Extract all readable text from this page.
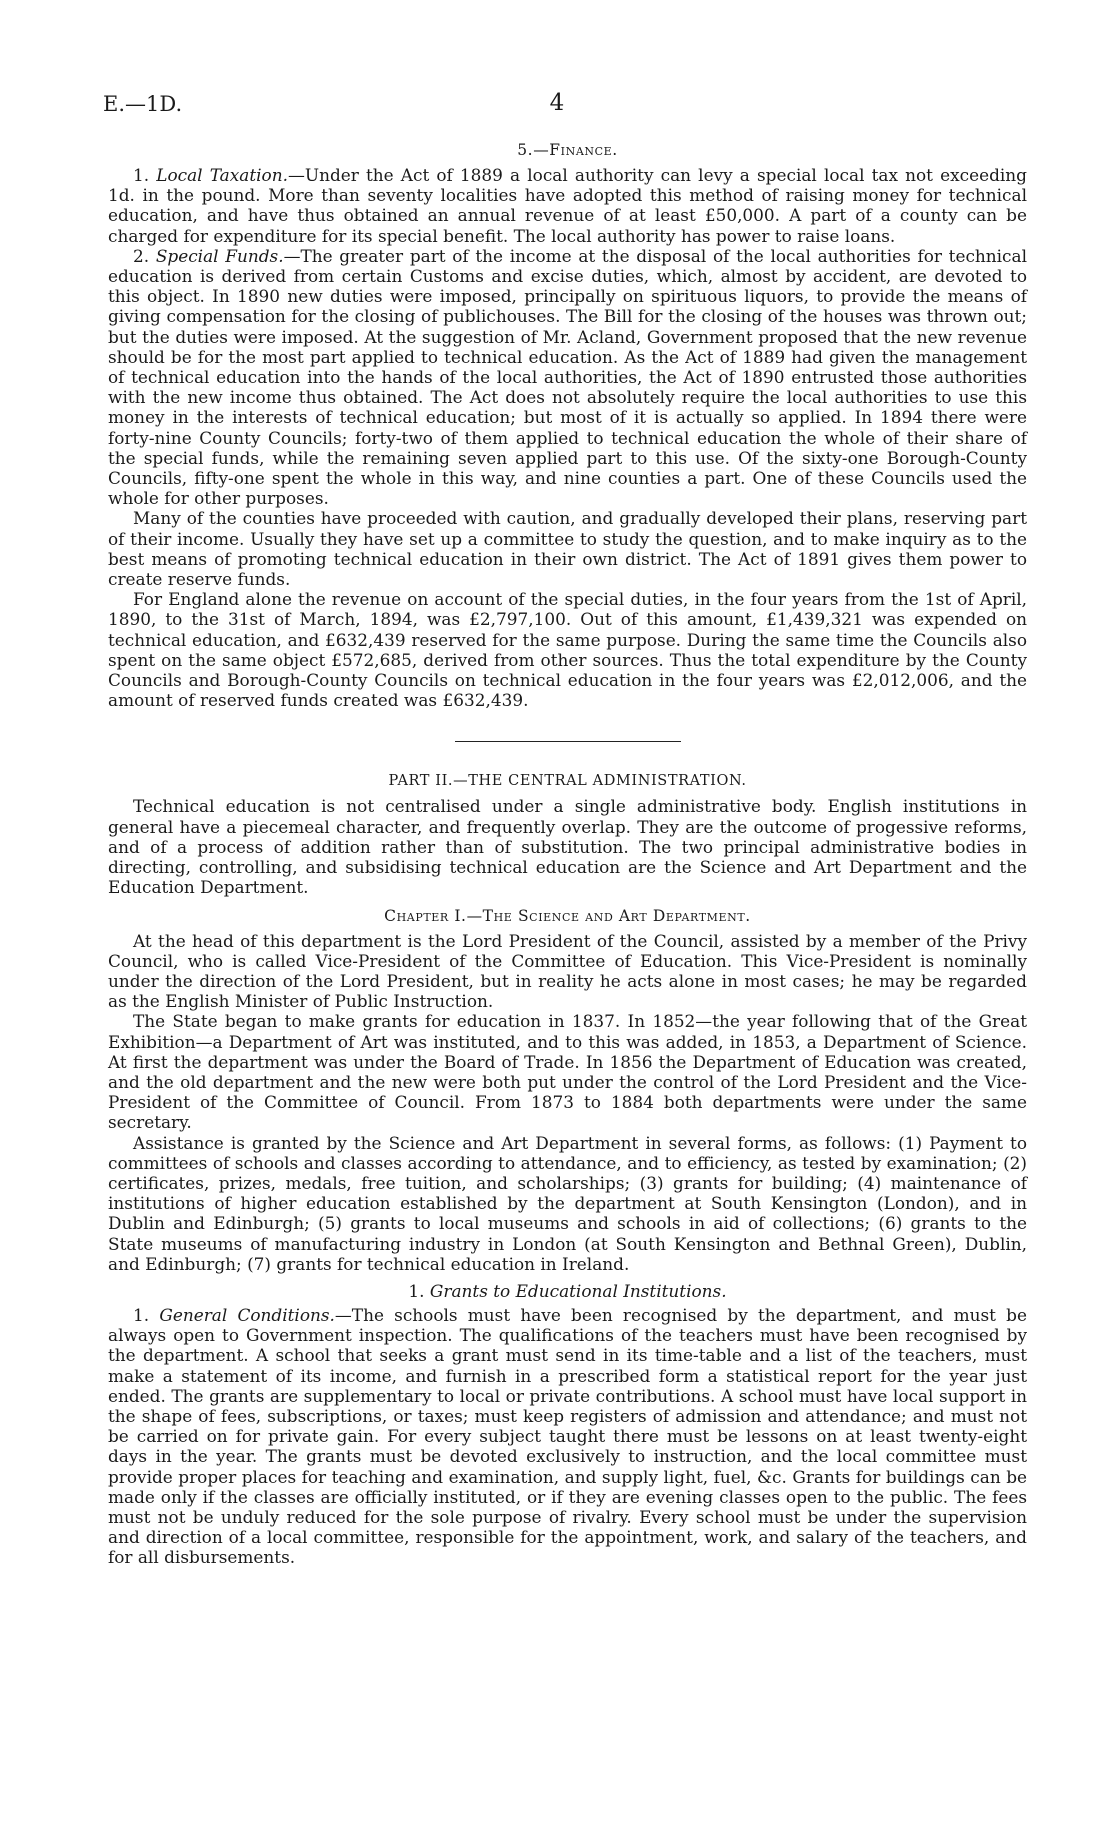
E.—1D.	4
5.—Finance.

1. Local Taxation.—Under the Act of 1889 a local authority can levy a special local tax not exceeding 1d. in the pound. More than seventy localities have adopted this method of raising money for technical education, and have thus obtained an annual revenue of at least £50,000. A part of a county can be charged for expenditure for its special benefit. The local authority has power to raise loans.

2. Special Funds.—The greater part of the income at the disposal of the local authorities for technical education is derived from certain Customs and excise duties, which, almost by accident, are devoted to this object. In 1890 new duties were imposed, principally on spirituous liquors, to provide the means of giving compensation for the closing of publichouses. The Bill for the closing of the houses was thrown out; but the duties were imposed. At the suggestion of Mr. Acland, Government proposed that the new revenue should be for the most part applied to technical education. As the Act of 1889 had given the management of technical education into the hands of the local authorities, the Act of 1890 entrusted those authorities with the new income thus obtained. The Act does not absolutely require the local authorities to use this money in the interests of technical education; but most of it is actually so applied. In 1894 there were forty-nine County Councils; forty-two of them applied to technical education the whole of their share of the special funds, while the remaining seven applied part to this use. Of the sixty-one Borough-County Councils, fifty-one spent the whole in this way, and nine counties a part. One of these Councils used the whole for other purposes.

Many of the counties have proceeded with caution, and gradually developed their plans, reserving part of their income. Usually they have set up a committee to study the question, and to make inquiry as to the best means of promoting technical education in their own district. The Act of 1891 gives them power to create reserve funds.

For England alone the revenue on account of the special duties, in the four years from the 1st of April, 1890, to the 31st of March, 1894, was £2,797,100. Out of this amount, £1,439,321 was expended on technical education, and £632,439 reserved for the same purpose. During the same time the Councils also spent on the same object £572,685, derived from other sources. Thus the total expenditure by the County Councils and Borough-County Councils on technical education in the four years was £2,012,006, and the amount of reserved funds created was £632,439.

PART II.—THE CENTRAL ADMINISTRATION.

Technical education is not centralised under a single administrative body. English institutions in general have a piecemeal character, and frequently overlap. They are the outcome of progessive reforms, and of a process of addition rather than of substitution. The two principal administrative bodies in directing, controlling, and subsidising technical education are the Science and Art Department and the Education Department.

Chapter I.—The Science and Art Department.

At the head of this department is the Lord President of the Council, assisted by a member of the Privy Council, who is called Vice-President of the Committee of Education. This Vice-President is nominally under the direction of the Lord President, but in reality he acts alone in most cases; he may be regarded as the English Minister of Public Instruction.

The State began to make grants for education in 1837. In 1852—the year following that of the Great Exhibition—a Department of Art was instituted, and to this was added, in 1853, a Department of Science. At first the department was under the Board of Trade. In 1856 the Department of Education was created, and the old department and the new were both put under the control of the Lord President and the Vice-President of the Committee of Council. From 1873 to 1884 both departments were under the same secretary.

Assistance is granted by the Science and Art Department in several forms, as follows: (1) Payment to committees of schools and classes according to attendance, and to efficiency, as tested by examination; (2) certificates, prizes, medals, free tuition, and scholarships; (3) grants for building; (4) maintenance of institutions of higher education established by the department at South Kensington (London), and in Dublin and Edinburgh; (5) grants to local museums and schools in aid of collections; (6) grants to the State museums of manufacturing industry in London (at South Kensington and Bethnal Green), Dublin, and Edinburgh; (7) grants for technical education in Ireland.

1. Grants to Educational Institutions.

1. General Conditions.—The schools must have been recognised by the department, and must be always open to Government inspection. The qualifications of the teachers must have been recognised by the department. A school that seeks a grant must send in its time-table and a list of the teachers, must make a statement of its income, and furnish in a prescribed form a statistical report for the year just ended. The grants are supplementary to local or private contributions. A school must have local support in the shape of fees, subscriptions, or taxes; must keep registers of admission and attendance; and must not be carried on for private gain. For every subject taught there must be lessons on at least twenty-eight days in the year. The grants must be devoted exclusively to instruction, and the local committee must provide proper places for teaching and examination, and supply light, fuel, &c. Grants for buildings can be made only if the classes are officially instituted, or if they are evening classes open to the public. The fees must not be unduly reduced for the sole purpose of rivalry. Every school must be under the supervision and direction of a local committee, responsible for the appointment, work, and salary of the teachers, and for all disbursements.
